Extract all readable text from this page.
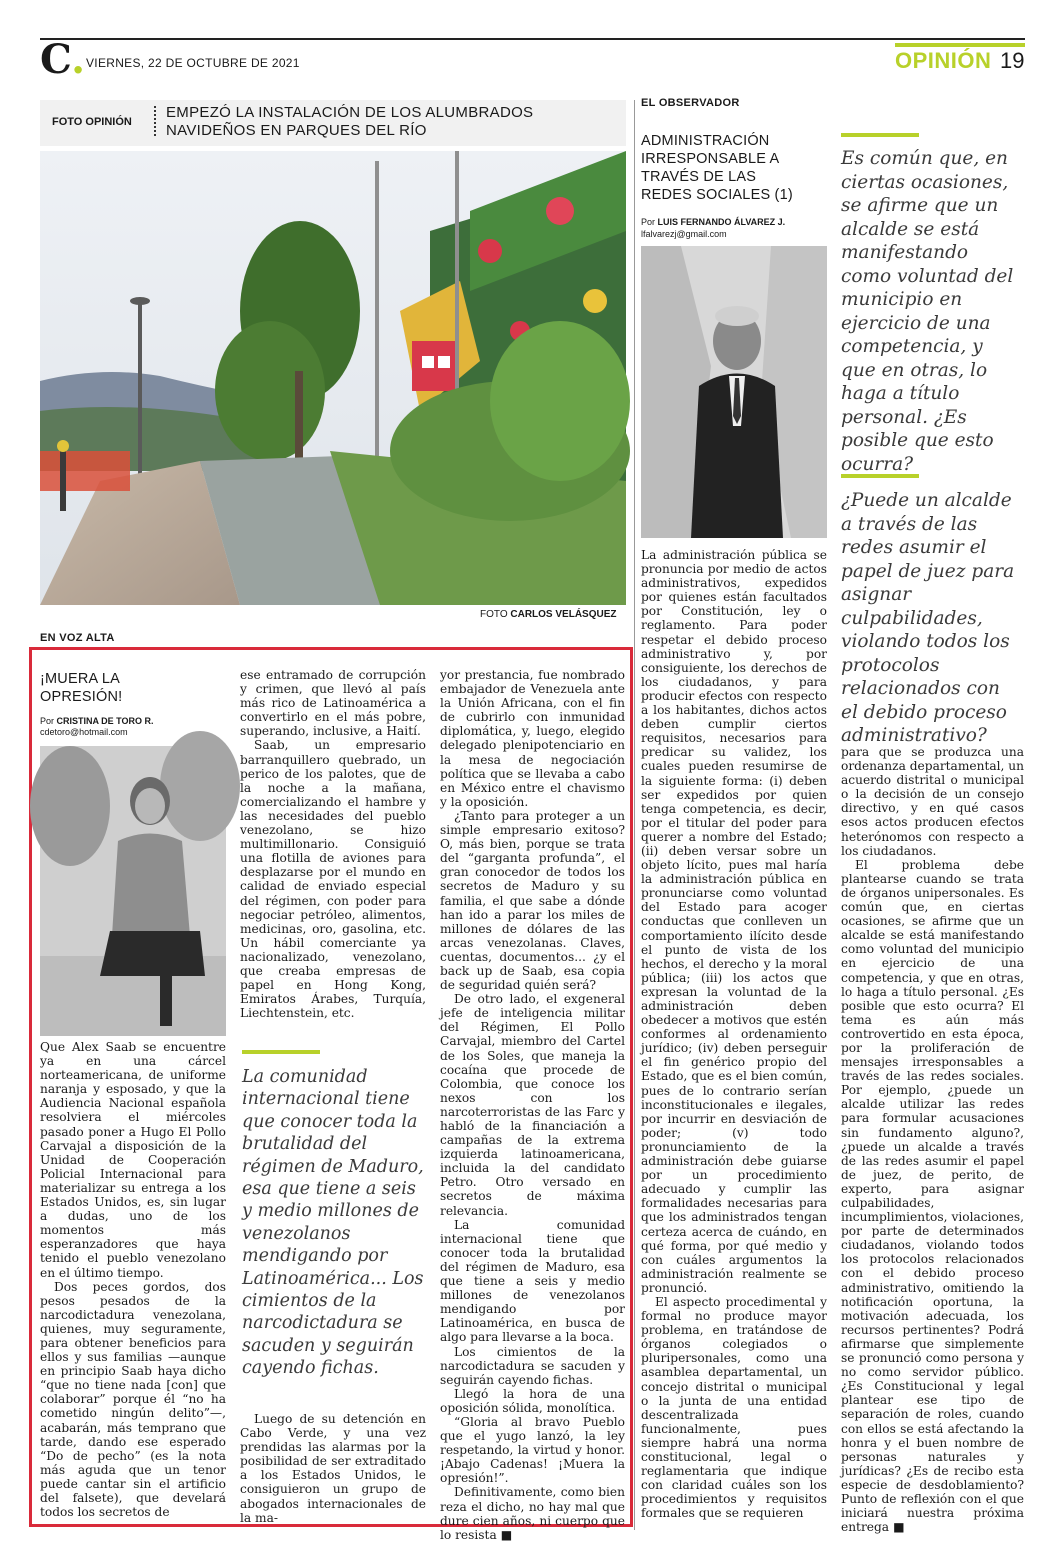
C. VIERNES, 22 DE OCTUBRE DE 2021	OPINIÓN 19
FOTO OPINIÓN
EMPEZÓ LA INSTALACIÓN DE LOS ALUMBRADOS NAVIDEÑOS EN PARQUES DEL RÍO
FOTO CARLOS VELÁSQUEZ
EL OBSERVADOR
ADMINISTRACIÓN IRRESPONSABLE A TRAVÉS DE LAS REDES SOCIALES (1)
Por LUIS FERNANDO ÁLVAREZ J.
lfalvarezj@gmail.com
Es común que, en ciertas ocasiones, se afirme que un alcalde se está manifestando como voluntad del municipio en ejercicio de una competencia, y que en otras, lo haga a título personal. ¿Es posible que esto ocurra?
¿Puede un alcalde a través de las redes asumir el papel de juez para asignar culpabilidades, violando todos los protocolos relacionados con el debido proceso administrativo?

La administración pública se pronuncia por medio de actos administrativos, expedidos por quienes están facultados por Constitución, ley o reglamento. Para poder respetar el debido proceso administrativo y, por consiguiente, los derechos de los ciudadanos, y para producir efectos con respecto a los habitantes, dichos actos deben cumplir ciertos requisitos, necesarios para predicar su validez, los cuales pueden resumirse de la siguiente forma: (i) deben ser expedidos por quien tenga competencia, es decir, por el titular del poder para querer a nombre del Estado; (ii) deben versar sobre un objeto lícito, pues mal haría la administración pública en pronunciarse como voluntad del Estado para acoger conductas que conlleven un comportamiento ilícito desde el punto de vista de los hechos, el derecho y la moral pública; (iii) los actos que expresan la voluntad de la administración deben obedecer a motivos que estén conformes al ordenamiento jurídico; (iv) deben perseguir el fin genérico propio del Estado, que es el bien común, pues de lo contrario serían inconstitucionales e ilegales, por incurrir en desviación de poder; (v) todo pronunciamiento de la administración debe guiarse por un procedimiento adecuado y cumplir las formalidades necesarias para que los administrados tengan certeza acerca de cuándo, en qué forma, por qué medio y con cuáles argumentos la administración realmente se pronunció.

El aspecto procedimental y formal no produce mayor problema, en tratándose de órganos colegiados o pluripersonales, como una asamblea departamental, un concejo distrital o municipal o la junta de una entidad descentralizada funcionalmente, pues siempre habrá una norma constitucional, legal o reglamentaria que indique con claridad cuáles son los procedimientos y requisitos formales que se requieren

para que se produzca una ordenanza departamental, un acuerdo distrital o municipal o la decisión de un consejo directivo, y en qué casos esos actos producen efectos heterónomos con respecto a los ciudadanos.

El problema debe plantearse cuando se trata de órganos unipersonales. Es común que, en ciertas ocasiones, se afirme que un alcalde se está manifestando como voluntad del municipio en ejercicio de una competencia, y que en otras, lo haga a título personal. ¿Es posible que esto ocurra? El tema es aún más controvertido en esta época, por la proliferación de mensajes irresponsables a través de las redes sociales. Por ejemplo, ¿puede un alcalde utilizar las redes para formular acusaciones sin fundamento alguno?, ¿puede un alcalde a través de las redes asumir el papel de juez, de perito, de experto, para asignar culpabilidades, incumplimientos, violaciones, por parte de determinados ciudadanos, violando todos los protocolos relacionados con el debido proceso administrativo, omitiendo la notificación oportuna, la motivación adecuada, los recursos pertinentes? Podrá afirmarse que simplemente se pronunció como persona y no como servidor público. ¿Es Constitucional y legal plantear ese tipo de separación de roles, cuando con ellos se está afectando la honra y el buen nombre de personas naturales y jurídicas? ¿Es de recibo esta especie de desdoblamiento? Punto de reflexión con el que iniciará nuestra próxima entrega ■

EN VOZ ALTA
¡MUERA LA OPRESIÓN!
Por CRISTINA DE TORO R.
cdetoro@hotmail.com

Que Alex Saab se encuentre ya en una cárcel norteamericana, de uniforme naranja y esposado, y que la Audiencia Nacional española resolviera el miércoles pasado poner a Hugo El Pollo Carvajal a disposición de la Unidad de Cooperación Policial Internacional para materializar su entrega a los Estados Unidos, es, sin lugar a dudas, uno de los momentos más esperanzadores que haya tenido el pueblo venezolano en el último tiempo.

Dos peces gordos, dos pesos pesados de la narcodictadura venezolana, quienes, muy seguramente, para obtener beneficios para ellos y sus familias —aunque en principio Saab haya dicho “que no tiene nada [con] que colaborar” porque él “no ha cometido ningún delito”—, acabarán, más temprano que tarde, dando ese esperado “Do de pecho” (es la nota más aguda que un tenor puede cantar sin el artificio del falsete), que develará todos los secretos de

ese entramado de corrupción y crimen, que llevó al país más rico de Latinoamérica a convertirlo en el más pobre, superando, inclusive, a Haití.

Saab, un empresario barranquillero quebrado, un perico de los palotes, que de la noche a la mañana, comercializando el hambre y las necesidades del pueblo venezolano, se hizo multimillonario. Consiguió una flotilla de aviones para desplazarse por el mundo en calidad de enviado especial del régimen, con poder para negociar petróleo, alimentos, medicinas, oro, gasolina, etc. Un hábil comerciante ya nacionalizado, venezolano, que creaba empresas de papel en Hong Kong, Emiratos Árabes, Turquía, Liechtenstein, etc.

La comunidad internacional tiene que conocer toda la brutalidad del régimen de Maduro, esa que tiene a seis y medio millones de venezolanos mendigando por Latinoamérica... Los cimientos de la narcodictadura se sacuden y seguirán cayendo fichas.

Luego de su detención en Cabo Verde, y una vez prendidas las alarmas por la posibilidad de ser extraditado a los Estados Unidos, le consiguieron un grupo de abogados internacionales de la ma-

yor prestancia, fue nombrado embajador de Venezuela ante la Unión Africana, con el fin de cubrirlo con inmunidad diplomática, y, luego, elegido delegado plenipotenciario en la mesa de negociación política que se llevaba a cabo en México entre el chavismo y la oposición.

¿Tanto para proteger a un simple empresario exitoso? O, más bien, porque se trata del “garganta profunda”, el gran conocedor de todos los secretos de Maduro y su familia, el que sabe a dónde han ido a parar los miles de millones de dólares de las arcas venezolanas. Claves, cuentas, documentos... ¿y el back up de Saab, esa copia de seguridad quién será?

De otro lado, el exgeneral jefe de inteligencia militar del Régimen, El Pollo Carvajal, miembro del Cartel de los Soles, que maneja la cocaína que procede de Colombia, que conoce los nexos con los narcoterroristas de las Farc y habló de la financiación a campañas de la extrema izquierda latinoamericana, incluida la del candidato Petro. Otro versado en secretos de máxima relevancia.

La comunidad internacional tiene que conocer toda la brutalidad del régimen de Maduro, esa que tiene a seis y medio millones de venezolanos mendigando por Latinoamérica, en busca de algo para llevarse a la boca.

Los cimientos de la narcodictadura se sacuden y seguirán cayendo fichas.

Llegó la hora de una oposición sólida, monolítica.

“Gloria al bravo Pueblo que el yugo lanzó, la ley respetando, la virtud y honor. ¡Abajo Cadenas! ¡Muera la opresión!”.

Definitivamente, como bien reza el dicho, no hay mal que dure cien años, ni cuerpo que lo resista ■
